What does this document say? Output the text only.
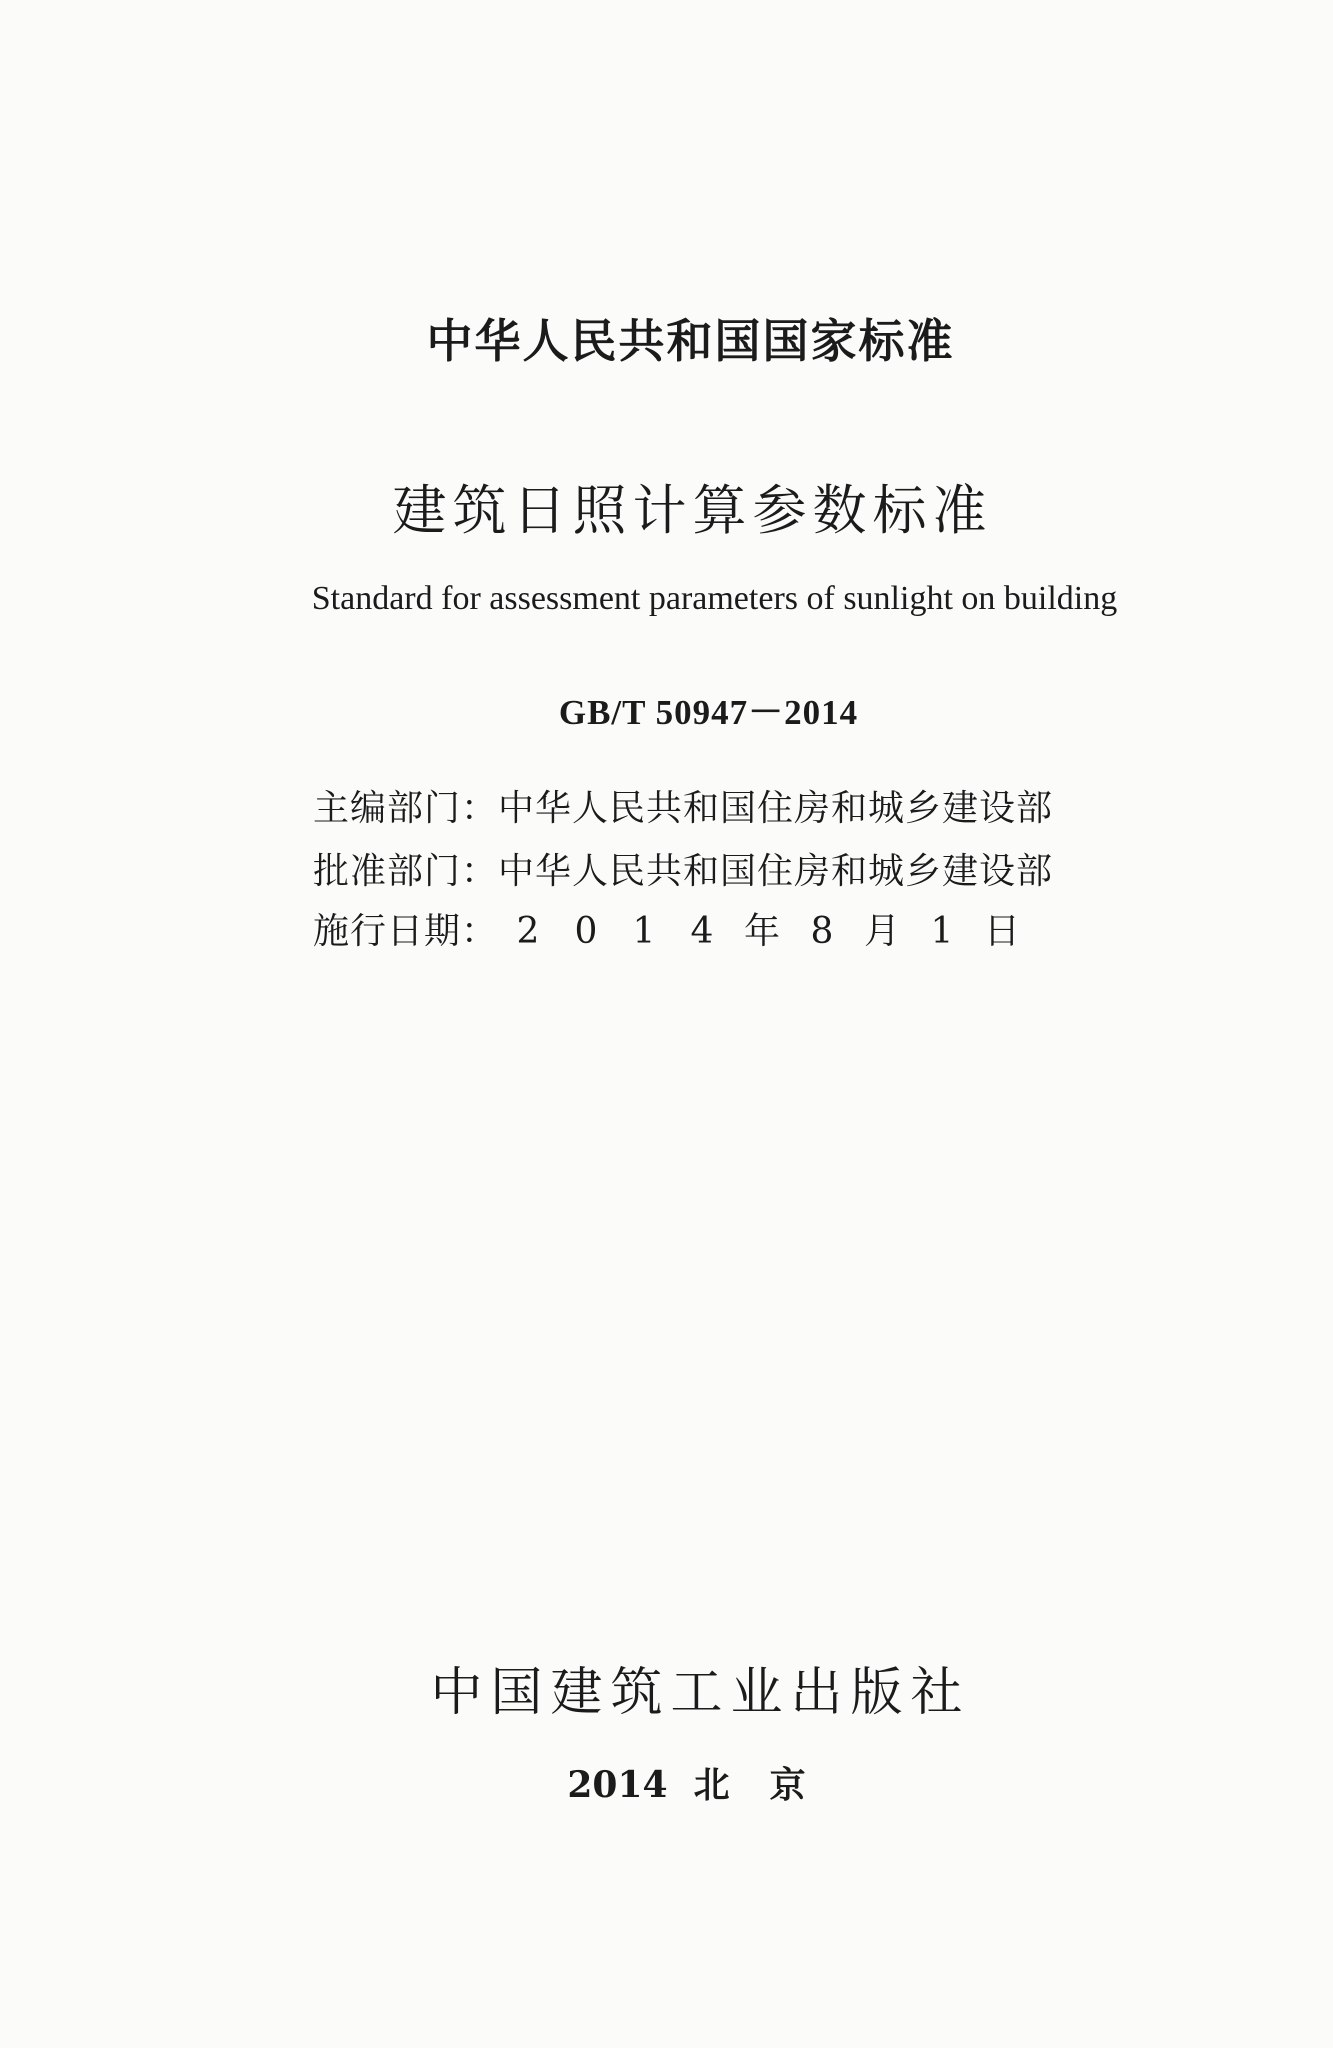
中华人民共和国国家标准
建筑日照计算参数标准
Standard for assessment parameters of sunlight on building
GB/T 50947－2014
主编部门：中华人民共和国住房和城乡建设部
批准部门：中华人民共和国住房和城乡建设部
施行日期： 2 0 1 4 年 8 月 1 日
中国建筑工业出版社
2014 北 京
